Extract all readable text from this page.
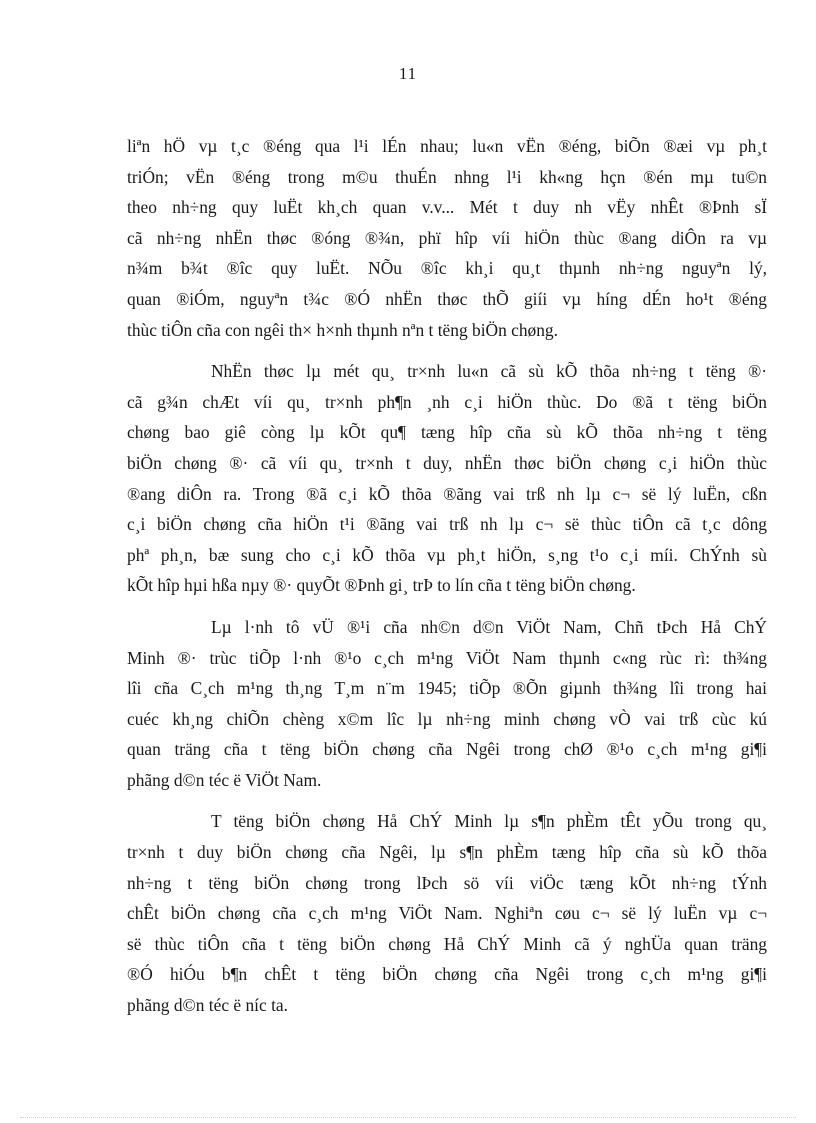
11
liªn hÖ vµ t¸c ®éng qua l¹i lÉn nhau; lu«n vËn ®éng, biÕn ®æi vµ ph¸t
triÓn; vËn ®éng trong m©u thuÉn nhng l¹i kh«ng hçn ®én mµ tu©n
theo nh÷ng quy luËt kh¸ch quan v.v... Mét t duy nh vËy nhÊt ®Þnh sÏ
cã nh÷ng nhËn thøc ®óng ®¾n, phï hîp víi hiÖn thùc ®ang diÔn ra vµ
n¾m b¾t ®îc quy luËt. NÕu ®îc kh¸i qu¸t thµnh nh÷ng nguyªn lý,
quan ®iÓm, nguyªn t¾c ®Ó nhËn thøc thÕ giíi vµ híng dÉn ho¹t ®éng
thùc tiÔn cña con ngêi th× h×nh thµnh nªn t tëng biÖn chøng.
NhËn thøc lµ mét qu¸ tr×nh lu«n cã sù kÕ thõa nh÷ng t tëng ®·
cã g¾n chÆt víi qu¸ tr×nh ph¶n ¸nh c¸i hiÖn thùc. Do ®ã t tëng biÖn
chøng bao giê còng lµ kÕt qu¶ tæng hîp cña sù kÕ thõa nh÷ng t tëng
biÖn chøng ®· cã víi qu¸ tr×nh t duy, nhËn thøc biÖn chøng c¸i hiÖn thùc
®ang diÔn ra. Trong ®ã c¸i kÕ thõa ®ãng vai trß nh lµ c¬ së lý luËn, cßn
c¸i biÖn chøng cña hiÖn t¹i ®ãng vai trß nh lµ c¬ së thùc tiÔn cã t¸c dông
phª ph¸n, bæ sung cho c¸i kÕ thõa vµ ph¸t hiÖn, s¸ng t¹o c¸i míi. ChÝnh sù
kÕt hîp hµi hßa nµy ®· quyÕt ®Þnh gi¸ trÞ to lín cña t tëng biÖn chøng.
Lµ l·nh tô vÜ ®¹i cña nh©n d©n ViÖt Nam, Chñ tÞch Hå ChÝ
Minh ®· trùc tiÕp l·nh ®¹o c¸ch m¹ng ViÖt Nam thµnh c«ng rùc rì: th¾ng
lîi cña C¸ch m¹ng th¸ng T¸m n¨m 1945; tiÕp ®Õn giµnh th¾ng lîi trong hai
cuéc kh¸ng chiÕn chèng x©m lîc lµ nh÷ng minh chøng vÒ vai trß cùc kú
quan träng cña t tëng biÖn chøng cña Ngêi trong chØ ®¹o c¸ch m¹ng gi¶i
phãng d©n téc ë ViÖt Nam.
T tëng biÖn chøng Hå ChÝ Minh lµ s¶n phÈm tÊt yÕu trong qu¸
tr×nh t duy biÖn chøng cña Ngêi, lµ s¶n phÈm tæng hîp cña sù kÕ thõa
nh÷ng t tëng biÖn chøng trong lÞch sö víi viÖc tæng kÕt nh÷ng tÝnh
chÊt biÖn chøng cña c¸ch m¹ng ViÖt Nam. Nghiªn cøu c¬ së lý luËn vµ c¬
së thùc tiÔn cña t tëng biÖn chøng Hå ChÝ Minh cã ý nghÜa quan träng
®Ó hiÓu b¶n chÊt t tëng biÖn chøng cña Ngêi trong c¸ch m¹ng gi¶i
phãng d©n téc ë níc ta.
